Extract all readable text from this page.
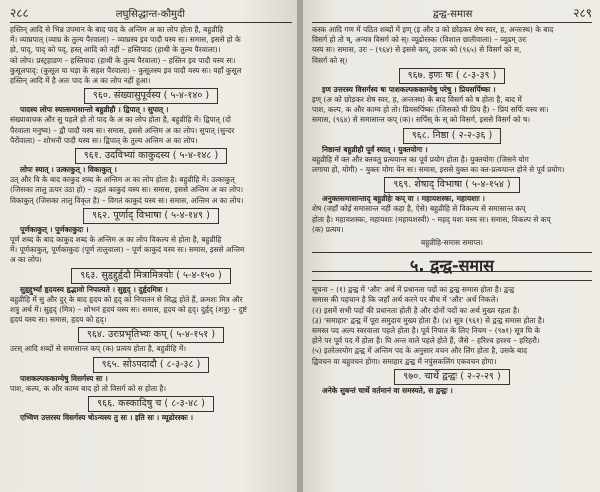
२८८	लघुसिद्धान्त-कौमुदी
हस्तिन् आदि से भिन्न उपमान के बाद पाद के अन्तिम अ का लोप होता है, बहुव्रीहि
में। व्याघ्रपात् (व्याघ्र के तुल्य पैरवाला) – व्याघ्रस्य इव पादौ यस्य सः। समास, इससे हो के
हो, पाद्, पाद् को पद्, हस्त् आदि को नहीं – हस्तिपादः (हाथी के तुल्य पैरवाला)।
को लोप। प्रस्ट्रहाडण – हस्तिपादः (हाथी के तुल्य पैरवाला) – हस्तिन इव पादौ यस्य सः।
कुसूलपाद्: (कुसूल या घड़ा के सहश पैरवाला) – कुसूलस्य इव पादौ यस्य सः। यहाँ कुसूल
हस्तिन् आदि में है अतः पाद के अ का लोप नहीं हुआ।
९६०. संख्यासुपूर्वस्य ( ५-४-१४० )
पादस्य लोपः स्यात्समासान्तो बहुव्रीहौ । द्विपात् । सुपात् ।
संख्यावाचक और सु पहले हो तो पाद के अ का लोप होता है, बहुव्रीहि में। द्विपात् (दो
पैरवाला मनुष्य) – द्वौ पादौ यस्य सः। समास, इससे अन्तिम अ का लोप। सुपात् (सुन्दर
पैरोंवाला) – शोभनौ पादौ यस्य सः। द्विपात् के तुल्य अन्तिम अ का लोप।
९६१. उदविभ्यां काकुदस्य ( ५-४-१४८ )
लोपः स्यात् । उत्काकुत् । विकाकुत् ।
उत् और वि के बाद काकुद शब्द के अन्तिम अ का लोप होता है। बहुव्रीहि में। उत्काकुत्
(जिसका तालु ऊपर उठा हो) – उद्गतं काकुदं यस्य सः। समास, इससे अन्तिम अ का लोप।
विकाकुत् (जिसका तालु विकृत है) – विगतं काकुदं यस्य सः। समास, अन्तिम अ का लोप।
९६२. पूर्णाद् विभाषा ( ५-४-१४९ )
पूर्णकाकुत् । पूर्णकाकुदः ।
पूर्ण शब्द के बाद काकुद शब्द के अन्तिम अ का लोप विकल्प से होता है, बहुव्रीहि
में। पूर्णकाकुत्, पूर्णकाकुदः (पूर्ण तालुवाला) – पूर्ण काकुदं यस्य सः। समास, इससे अन्तिम
अ का लोप।
९६३. सुहृद्दुर्हृदौ मित्रामित्रयोः ( ५-४-१५० )
सुहृद्दुर्भ्यां हृदयस्य हृद्भावो निपात्यते । सुहृद् । दुर्हृदमित्रः ।
बहुव्रीहि में सु और दुर् के बाद हृदय को हृद् को निपातन से सिद्ध होते हैं, क्रमशः मित्र और
शत्रु अर्थ में। सुहृद् (मित्र) – शोभनं हृदयं यस्य सः। समास, हृदय को हृद्। दुर्हृद् (शत्रु) – दुष्टं
हृदयं यस्य सः। समास, हृदय को हृद्।
९६४. उरःप्रभृतिभ्यः कप् ( ५-४-१५१ )
उरस् आदि शब्दों से समासान्त कप् (क) प्रत्यय होता है, बहुव्रीहि में।
९६५. सोऽपदादौ ( ८-३-३८ )
पाशकल्पककाम्येषु विसर्गस्य सः ।
पाश, कल्प, क और काम्य बाद हो तो विसर्ग को स होता है।
९६६. कस्कादिषु च ( ८-३-४८ )
एभ्विण उत्तरस्य विसर्गस्य षोऽन्यस्य तु सः । इति सः । व्यूढोरस्कः ।
द्वन्द्व-समास	२८९
कस्क आदि गण में पठित शब्दों में इण् (इ और उ को छोड़कर शेष स्वर, ह, अन्तःस्थ) के बाद
विसर्ग हो तो ष्, अन्यत्र विसर्ग को स्। व्यूढोरस्कः (विशाल छातीवाला) – व्यूढम् उरः
यस्य सः। समास, उरः – (९६४) से इससे कप्, उरःक को (९६५) से विसर्ग को स,
विसर्ग को स्।
९६७. इणः षः ( ८-३-३९ )
इण उत्तरस्य विसर्गस्य षः पाशकल्पककाम्येषु परेषु । प्रियसर्पिष्कः ।
इण् (अ को छोड़कर शेष स्वर, ह, अन्तःस्थ) के बाद विसर्ग को ष होता है, बाद में
पाश, कल्प, क और काम्य हो तो। प्रियसर्पिष्कः (जिसको घी प्रिय है) – प्रियं सर्पिः यस्य सः।
समास, (९६४) से समासान्त कप् (क)। सर्पिस् के स् को विसर्ग, इससे विसर्ग को ष।
९६८. निष्ठा ( २-२-३६ )
निष्ठान्तं बहुव्रीहौ पूर्वं स्यात् । युक्तयोगः ।
बहुव्रीहि में क्त और क्तवतु प्रत्ययान्त का पूर्व प्रयोग होता है। युक्तयोगः (जिसने योग
लगाया हो, योगी) – युक्तः योगः येन सः। समास, इससे युक्त का क्त-प्रत्ययान्त होने से पूर्व प्रयोग।
९६९. शेषाद् विभाषा ( ५-४-१५४ )
अनुक्तसमासान्ताद् बहुव्रीहेः कप् वा । महायशस्कः, महायशाः ।
शेष (जहाँ कोई समासान्त नहीं कहा है, ऐसे) बहुव्रीहि से विकल्प से समासान्त कप्
होता है। महायशस्कः, महायशाः (महायशस्वी) – महद् यशः यस्य सः। समास, विकल्प से कप्
(क) प्रत्यय।
बहुव्रीहि-समास समाप्त।
५. द्वन्द्व-समास
सूचना – (१) द्वन्द्व में 'और' अर्थ में प्रधानता पदों का द्वन्द्व समास होता है। द्वन्द्व
समास की पहचान है कि जहाँ अर्थ करने पर बीच में 'और' अर्थ निकले।
(२) इसमें सभी पदों की प्रधानता होती है और दोनों पदों का अर्थ मुख्य रहता है।
(३) 'समाहार' द्वन्द्व में पूरा समुदाय मुख्य होता है। (४) सूत्र (९६१) से द्वन्द्व समास होता है।
समस्त पद अल्प स्वरवाला पहले होता है। पूर्व निपात के लिए नियम – (९७१) सूत्र घि के
होने पर पूर्व पद में होता है। घि अन्त वाले पहले होते हैं, जैसे – हरिश्च हरश्च – हरिहरौ।
(५) इतरेतरयोग द्वन्द्व में अन्तिम पद के अनुसार वचन और लिंग होता है, उसके बाद
द्विवचन या बहुवचन होगा। समाहार द्वन्द्व में नपुंसकलिंग एकवचन होगा।
९७०. चार्थे द्वन्द्वः ( २-२-२९ )
अनेके सुबन्तं चार्थे वर्तमानं वा समस्यते, स द्वन्द्वः ।
